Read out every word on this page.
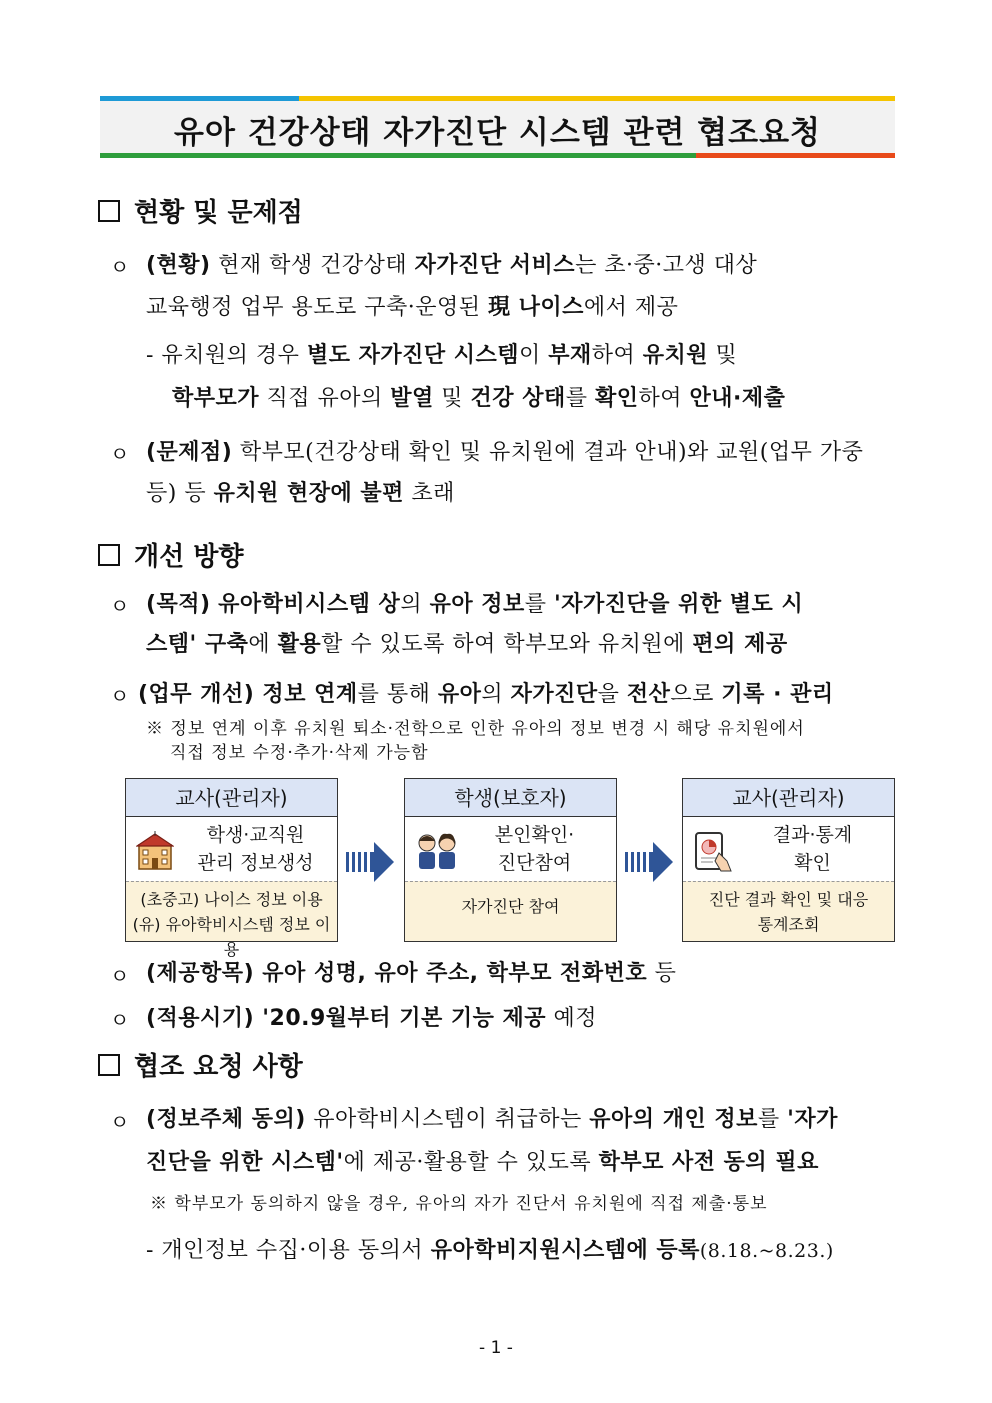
유아 건강상태 자가진단 시스템 관련 협조요청
현황 및 문제점
ㅇ (현황) 현재 학생 건강상태 자가진단 서비스는 초·중·고생 대상
교육행정 업무 용도로 구축·운영된 現 나이스에서 제공
- 유치원의 경우 별도 자가진단 시스템이 부재하여 유치원 및
학부모가 직접 유아의 발열 및 건강 상태를 확인하여 안내·제출
ㅇ (문제점) 학부모(건강상태 확인 및 유치원에 결과 안내)와 교원(업무 가중
등) 등 유치원 현장에 불편 초래
개선 방향
ㅇ (목적) 유아학비시스템 상의 유아 정보를 '자가진단을 위한 별도 시
스템' 구축에 활용할 수 있도록 하여 학부모와 유치원에 편의 제공
ㅇ (업무 개선) 정보 연계를 통해 유아의 자가진단을 전산으로 기록 · 관리
※ 정보 연계 이후 유치원 퇴소·전학으로 인한 유아의 정보 변경 시 해당 유치원에서
직접 정보 수정·추가·삭제 가능함
교사(관리자)
학생·교직원
관리 정보생성
(초중고) 나이스 정보 이용
(유) 유아학비시스템 정보 이용
학생(보호자)
본인확인·
진단참여
자가진단 참여
교사(관리자)
결과·통계
확인
진단 결과 확인 및 대응
통계조회
ㅇ (제공항목) 유아 성명, 유아 주소, 학부모 전화번호 등
ㅇ (적용시기) '20.9월부터 기본 기능 제공 예정
협조 요청 사항
ㅇ (정보주체 동의) 유아학비시스템이 취급하는 유아의 개인 정보를 '자가
진단을 위한 시스템'에 제공·활용할 수 있도록 학부모 사전 동의 필요
※ 학부모가 동의하지 않을 경우, 유아의 자가 진단서 유치원에 직접 제출·통보
- 개인정보 수집·이용 동의서 유아학비지원시스템에 등록(8.18.~8.23.)
- 1 -
